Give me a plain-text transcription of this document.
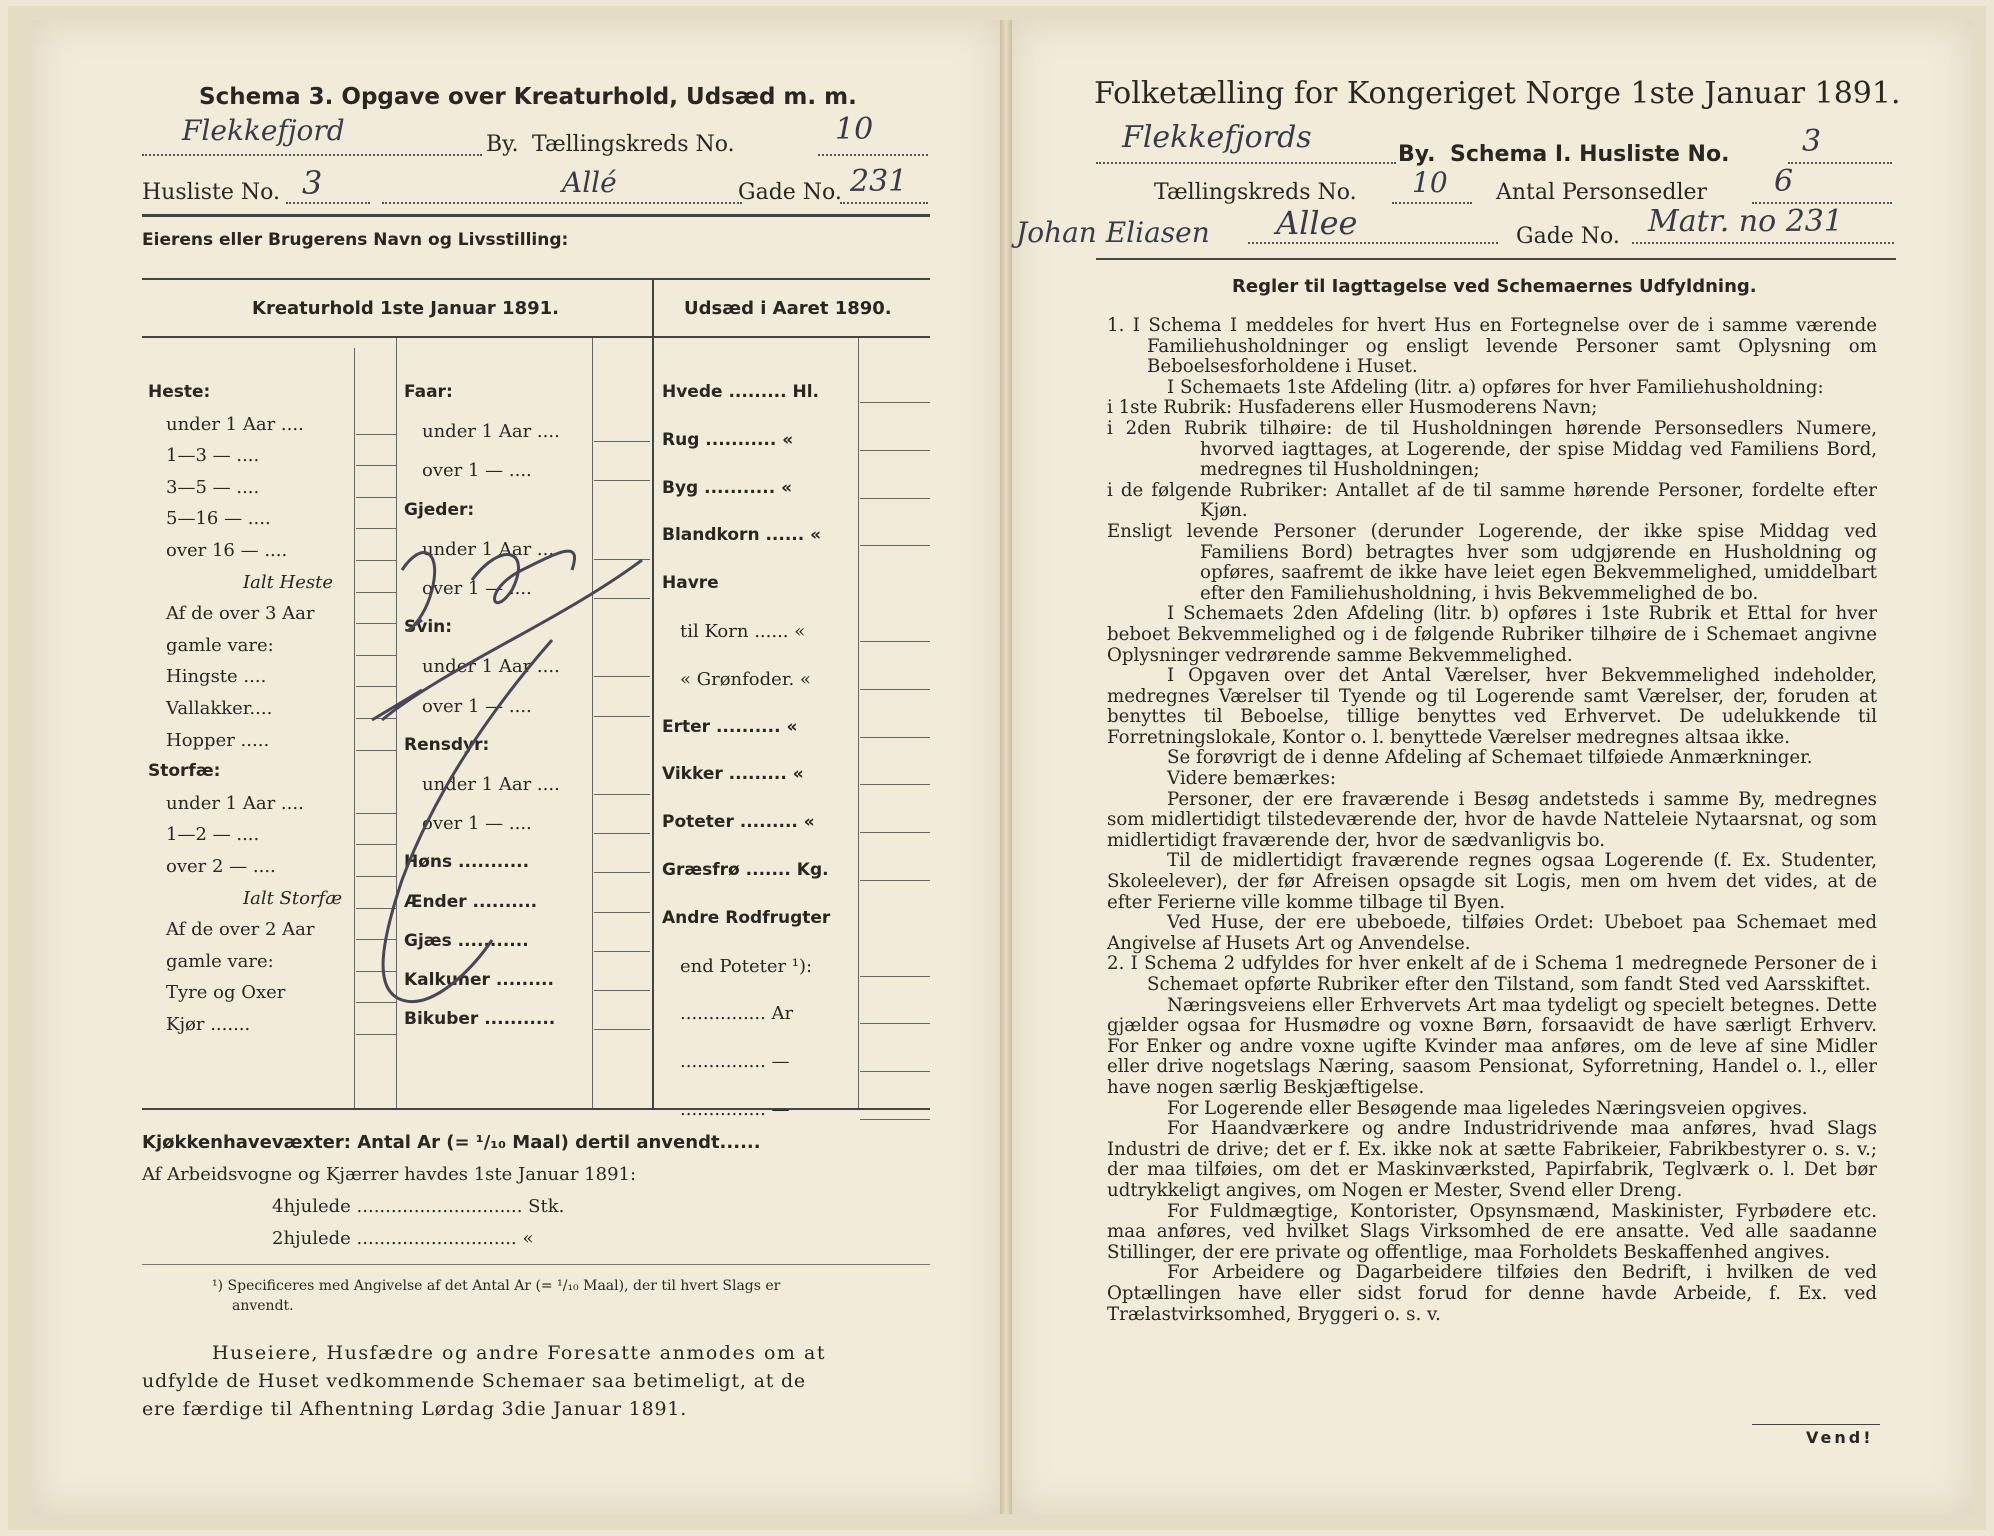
Schema 3. Opgave over Kreaturhold, Udsæd m. m.
Flekkefjord	By. Tællingskreds No.	10
Husliste No. 3	Allé	Gade No. 231
Eierens eller Brugerens Navn og Livsstilling:
Kreaturhold 1ste Januar 1891.	Udsæd i Aaret 1890.
Heste:
under 1 Aar ....
1—3 — ....
3—5 — ....
5—16 — ....
over 16 — ....
Ialt Heste
Af de over 3 Aar
gamle vare:
Hingste ....
Vallakker....
Hopper .....
Storfæ:
under 1 Aar ....
1—2 — ....
over 2 — ....
Ialt Storfæ
Af de over 2 Aar
gamle vare:
Tyre og Oxer
Kjør .......
Faar:
under 1 Aar ....
over 1 — ....
Gjeder:
under 1 Aar ....
over 1 — ....
Svin:
under 1 Aar ....
over 1 — ....
Rensdyr:
under 1 Aar ....
over 1 — ....
Høns ...........
Ænder ..........
Gjæs ...........
Kalkuner .........
Bikuber ...........
Hvede ......... Hl.
Rug ........... «
Byg ........... «
Blandkorn ...... «
Havre
til Korn ...... «
« Grønfoder. «
Erter .......... «
Vikker ......... «
Poteter ......... «
Græsfrø ....... Kg.
Andre Rodfrugter
end Poteter ¹):
............... Ar
............... —
............... —
Kjøkkenhavevæxter: Antal Ar (= ¹/₁₀ Maal) dertil anvendt......
Af Arbeidsvogne og Kjærrer havdes 1ste Januar 1891:
4hjulede ............................. Stk.
2hjulede ............................ «
¹) Specificeres med Angivelse af det Antal Ar (= ¹/₁₀ Maal), der til hvert Slags er
anvendt.
Huseiere, Husfædre og andre Foresatte anmodes om at
udfylde de Huset vedkommende Schemaer saa betimeligt, at de
ere færdige til Afhentning Lørdag 3die Januar 1891.
Folketælling for Kongeriget Norge 1ste Januar 1891.
Flekkefjords	By. Schema I. Husliste No. 3
Tællingskreds No. 10 Antal Personsedler 6
Johan Eliasen Allee	Gade No. Matr. no 231
Regler til Iagttagelse ved Schemaernes Udfyldning.

1. I Schema I meddeles for hvert Hus en Fortegnelse over de i samme værende Familiehusholdninger og ensligt levende Personer samt Oplysning om Beboelsesforholdene i Huset.

I Schemaets 1ste Afdeling (litr. a) opføres for hver Familiehusholdning:

i 1ste Rubrik: Husfaderens eller Husmoderens Navn;

i 2den Rubrik tilhøire: de til Husholdningen hørende Personsedlers Numere, hvorved iagttages, at Logerende, der spise Middag ved Familiens Bord, medregnes til Husholdningen;

i de følgende Rubriker: Antallet af de til samme hørende Personer, fordelte efter Kjøn.

Ensligt levende Personer (derunder Logerende, der ikke spise Middag ved Familiens Bord) betragtes hver som udgjørende en Husholdning og opføres, saafremt de ikke have leiet egen Bekvemmelighed, umiddelbart efter den Familiehusholdning, i hvis Bekvemmelighed de bo.

I Schemaets 2den Afdeling (litr. b) opføres i 1ste Rubrik et Ettal for hver beboet Bekvemmelighed og i de følgende Rubriker tilhøire de i Schemaet angivne Oplysninger vedrørende samme Bekvemmelighed.

I Opgaven over det Antal Værelser, hver Bekvemmelighed indeholder, medregnes Værelser til Tyende og til Logerende samt Værelser, der, foruden at benyttes til Beboelse, tillige benyttes ved Erhvervet. De udelukkende til Forretningslokale, Kontor o. l. benyttede Værelser medregnes altsaa ikke.

Se forøvrigt de i denne Afdeling af Schemaet tilføiede Anmærkninger.

Videre bemærkes:

Personer, der ere fraværende i Besøg andetsteds i samme By, medregnes som midlertidigt tilstedeværende der, hvor de havde Natteleie Nytaarsnat, og som midlertidigt fraværende der, hvor de sædvanligvis bo.

Til de midlertidigt fraværende regnes ogsaa Logerende (f. Ex. Studenter, Skoleelever), der før Afreisen opsagde sit Logis, men om hvem det vides, at de efter Ferierne ville komme tilbage til Byen.

Ved Huse, der ere ubeboede, tilføies Ordet: Ubeboet paa Schemaet med Angivelse af Husets Art og Anvendelse.

2. I Schema 2 udfyldes for hver enkelt af de i Schema 1 medregnede Personer de i Schemaet opførte Rubriker efter den Tilstand, som fandt Sted ved Aarsskiftet.

Næringsveiens eller Erhvervets Art maa tydeligt og specielt betegnes. Dette gjælder ogsaa for Husmødre og voxne Børn, forsaavidt de have særligt Erhverv. For Enker og andre voxne ugifte Kvinder maa anføres, om de leve af sine Midler eller drive nogetslags Næring, saasom Pensionat, Syforretning, Handel o. l., eller have nogen særlig Beskjæftigelse.

For Logerende eller Besøgende maa ligeledes Næringsveien opgives.

For Haandværkere og andre Industridrivende maa anføres, hvad Slags Industri de drive; det er f. Ex. ikke nok at sætte Fabrikeier, Fabrikbestyrer o. s. v.; der maa tilføies, om det er Maskinværksted, Papirfabrik, Teglværk o. l. Det bør udtrykkeligt angives, om Nogen er Mester, Svend eller Dreng.

For Fuldmægtige, Kontorister, Opsynsmænd, Maskinister, Fyrbødere etc. maa anføres, ved hvilket Slags Virksomhed de ere ansatte. Ved alle saadanne Stillinger, der ere private og offentlige, maa Forholdets Beskaffenhed angives.

For Arbeidere og Dagarbeidere tilføies den Bedrift, i hvilken de ved Optællingen have eller sidst forud for denne havde Arbeide, f. Ex. ved Trælastvirksomhed, Bryggeri o. s. v.

Vend!
